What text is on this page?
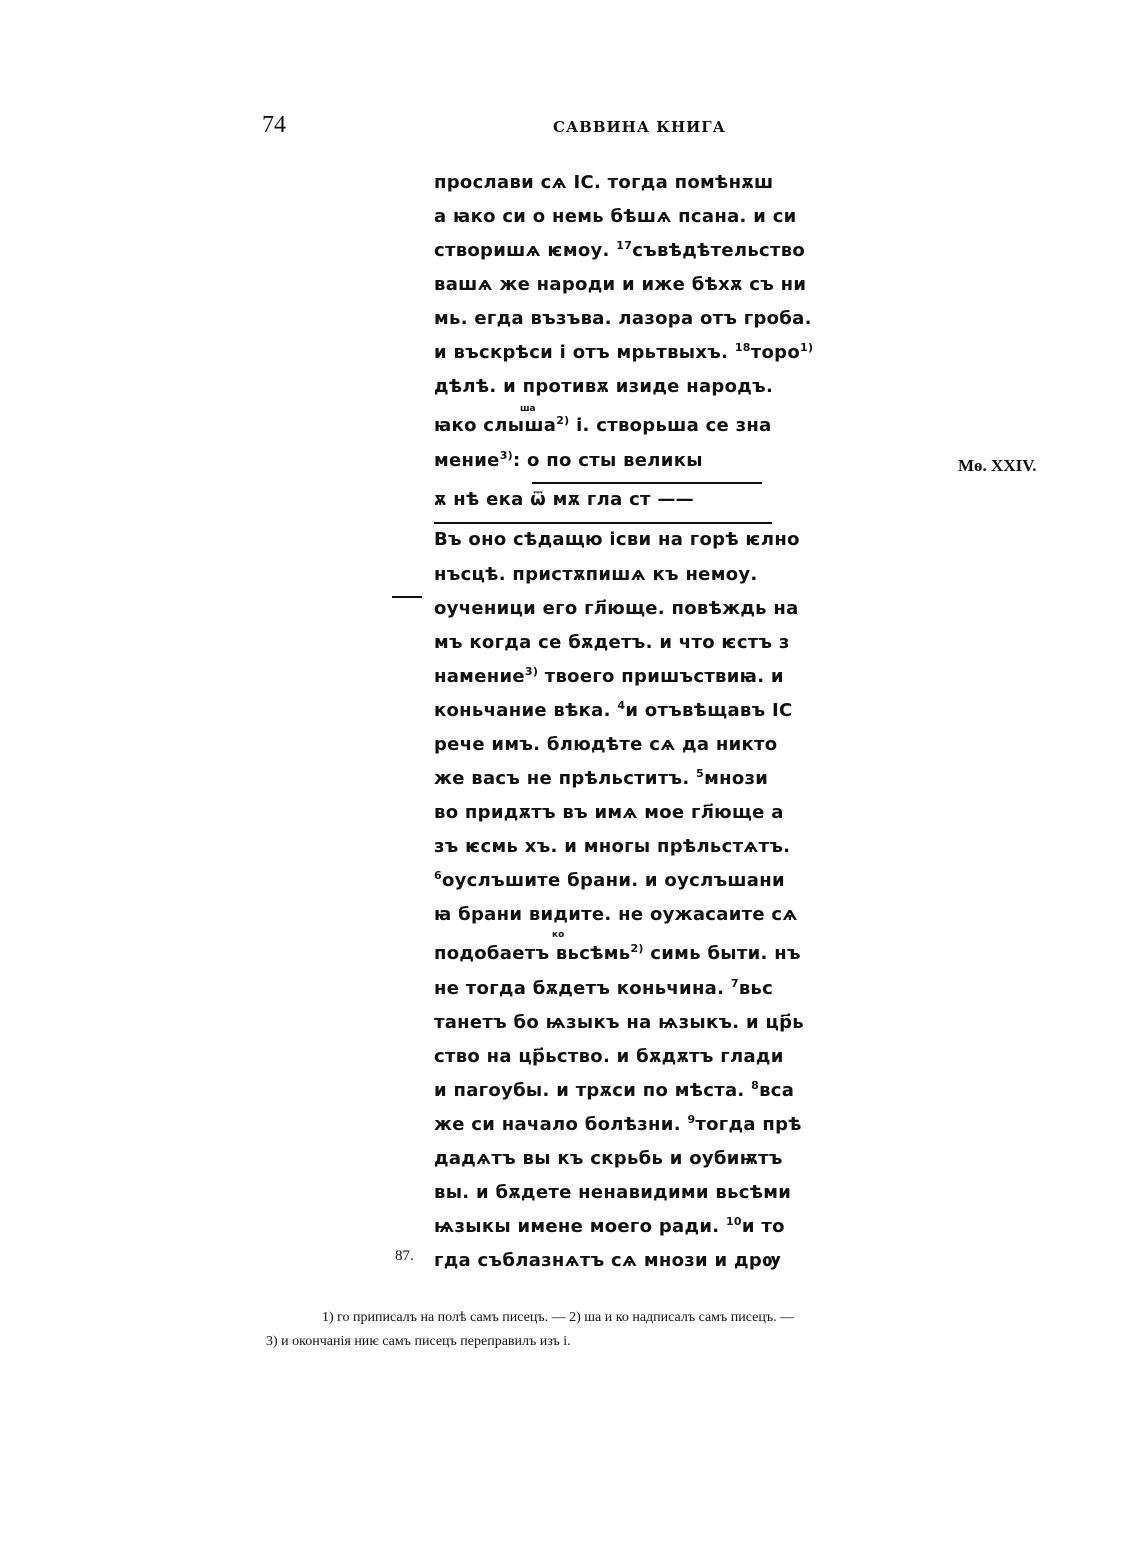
74	САВВИНА КНИГА
Мѳ. XXIV.
87.
ша
ко
прослави сѧ ІС. тогда помѣнѫш
а ꙗко си о немь бѣшѧ псана. и си
створишѧ ѥмоу. $^{17}$съвѣдѣтельство
вашѧ же народи и иже бѣхѫ съ ни
мь. егда възъва. лазора отъ гроба.
и въскрѣси і отъ мрьтвыхъ. $^{18}$торо$^{1)}$
дѣлѣ. и противѫ изиде народъ.
ꙗко слыша$^{2)}$ і. створьша се зна
мение$^{3)}$: о по сты великы
ѫ нѣ ека ѿ мѫ гла ст ——
Въ оно сѣдащю ісви на горѣ ѥлно
нъсцѣ. пристѫпишѧ къ немоу.
оученици его гл҃юще. повѣждь на
мъ когда се бѫдетъ. и что ѥстъ з
намение$^{3)}$ твоего пришъствиꙗ. и
коньчание вѣка. $^4$и отъвѣщавъ ІС
рече имъ. блюдѣте сѧ да никто
же васъ не прѣльститъ. $^5$мнози
во придѫтъ въ имѧ мое гл҃юще а
зъ ѥсмь хъ. и многы прѣльстѧтъ.
$^6$оуслъшите брани. и оуслъшани
ꙗ брани видите. не оужасаите сѧ
подобаетъ вьсѣмь$^{2)}$ симь быти. нъ
не тогда бѫдетъ коньчина. $^7$вьс
танетъ бо ѩзыкъ на ѩзыкъ. и цр҃ь
ство на цр҃ьство. и бѫдѫтъ глади
и пагоубы. и трѫси по мѣста. $^8$вса
же си начало болѣзни. $^9$тогда прѣ
дадѧтъ вы къ скрьбь и оубиѭтъ
вы. и бѫдете ненавидими вьсѣми
ѩзыкы имене моего ради. $^{10}$и то
гда съблазнѧтъ сѧ мнози и дрѹ
1) го приписалъ на полѣ самъ писецъ. — 2) ша и ко надписалъ самъ писецъ. —
3) и окончанія ниѥ самъ писецъ переправилъ изъ і.
